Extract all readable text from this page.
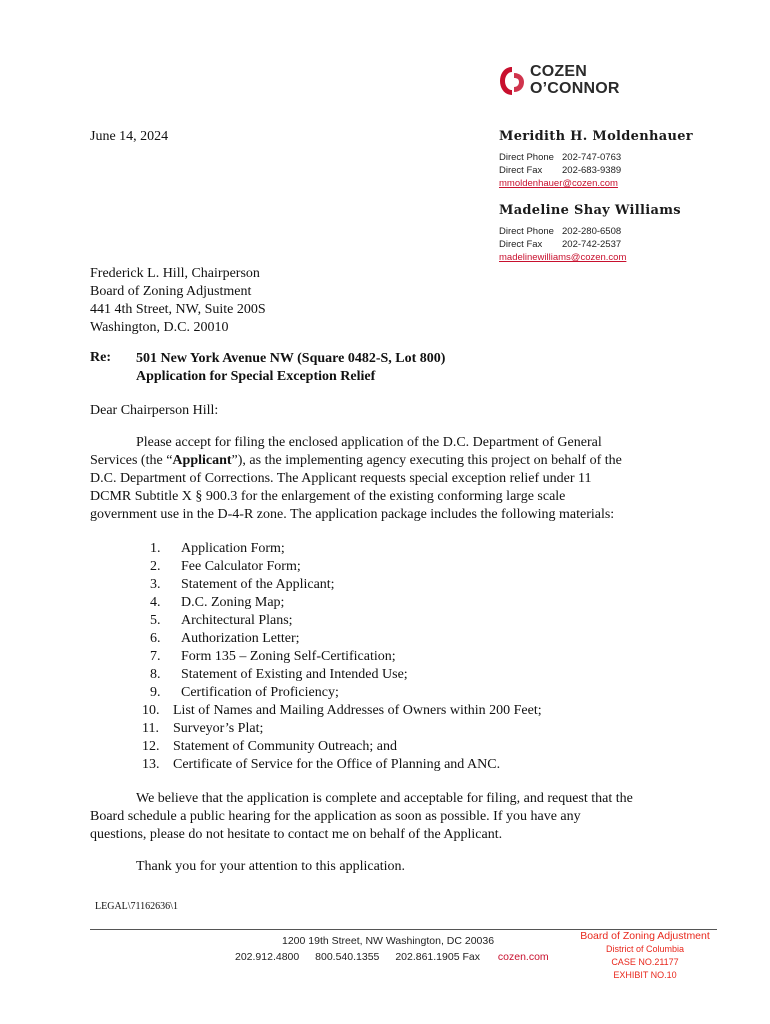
COZEN
O’CONNOR
June 14, 2024	Meridith H. Moldenhauer
Direct Phone 202-747-0763
Direct Fax 202-683-9389
mmoldenhauer@cozen.com
Madeline Shay Williams
Direct Phone 202-280-6508
Direct Fax 202-742-2537
madelinewilliams@cozen.com
Frederick L. Hill, Chairperson
Board of Zoning Adjustment
441 4th Street, NW, Suite 200S
Washington, D.C. 20010
Re: 501 New York Avenue NW (Square 0482-S, Lot 800)
Application for Special Exception Relief
Dear Chairperson Hill:
Please accept for filing the enclosed application of the D.C. Department of General
Services (the “Applicant”), as the implementing agency executing this project on behalf of the
D.C. Department of Corrections. The Applicant requests special exception relief under 11
DCMR Subtitle X § 900.3 for the enlargement of the existing conforming large scale
government use in the D-4-R zone. The application package includes the following materials:
1. Application Form;
2. Fee Calculator Form;
3. Statement of the Applicant;
4. D.C. Zoning Map;
5. Architectural Plans;
6. Authorization Letter;
7. Form 135 – Zoning Self-Certification;
8. Statement of Existing and Intended Use;
9. Certification of Proficiency;
10. List of Names and Mailing Addresses of Owners within 200 Feet;
11. Surveyor’s Plat;
12. Statement of Community Outreach; and
13. Certificate of Service for the Office of Planning and ANC.
We believe that the application is complete and acceptable for filing, and request that the
Board schedule a public hearing for the application as soon as possible. If you have any
questions, please do not hesitate to contact me on behalf of the Applicant.
Thank you for your attention to this application.
LEGAL\71162636\1
1200 19th Street, NW Washington, DC 20036
202.912.4800 800.540.1355 202.861.1905 Fax cozen.com
Board of Zoning Adjustment
District of Columbia
CASE NO.21177
EXHIBIT NO.10
